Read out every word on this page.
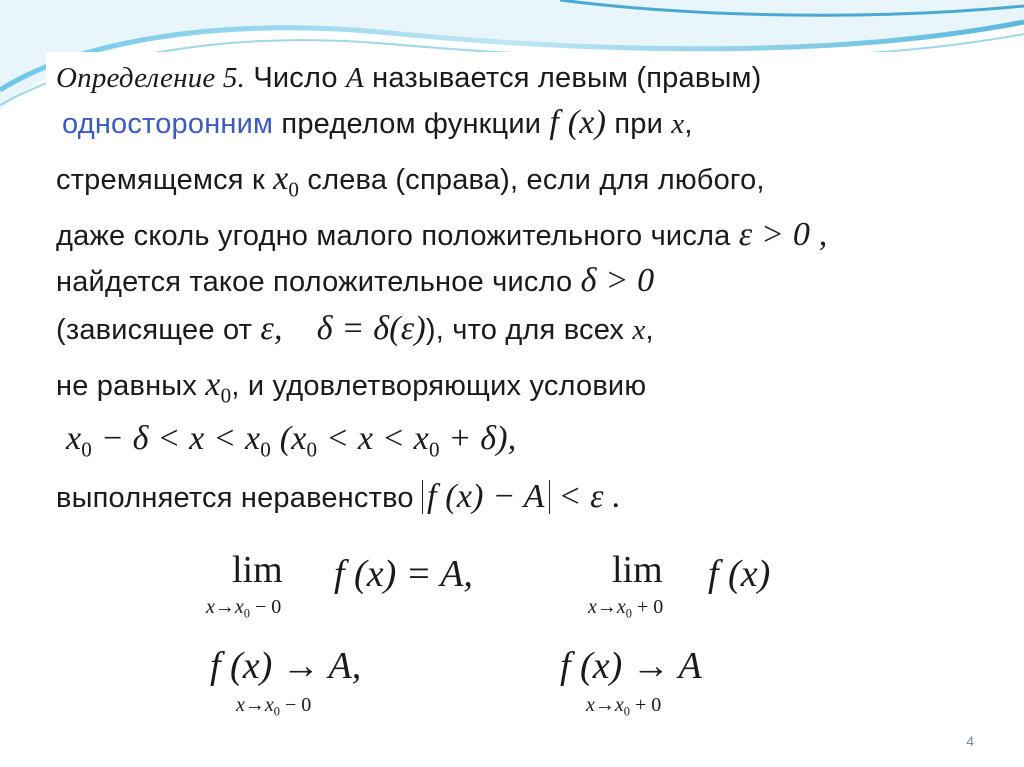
Определение 5. Число A называется левым (правым)
односторонним пределом функции f (x) при x,
стремящемся к $x_0$ слева (справа), если для любого,
даже сколь угодно малого положительного числа ε > 0 ,
найдется такое положительное число δ > 0
(зависящее от ε, δ = δ(ε)), что для всех x,
не равных $x_0$, и удовлетворяющих условию
$x_0 - \delta < x < x_0$ $(x_0 < x < x_0 + \delta)$,
выполняется неравенство f (x) − A < ε .
lim
$x\to x_0 - 0$
f (x) = A,	lim
$x\to x_0 + 0$
f (x)
f (x) → A,
$x\to x_0 - 0$
f (x) → A
$x\to x_0 + 0$
4
